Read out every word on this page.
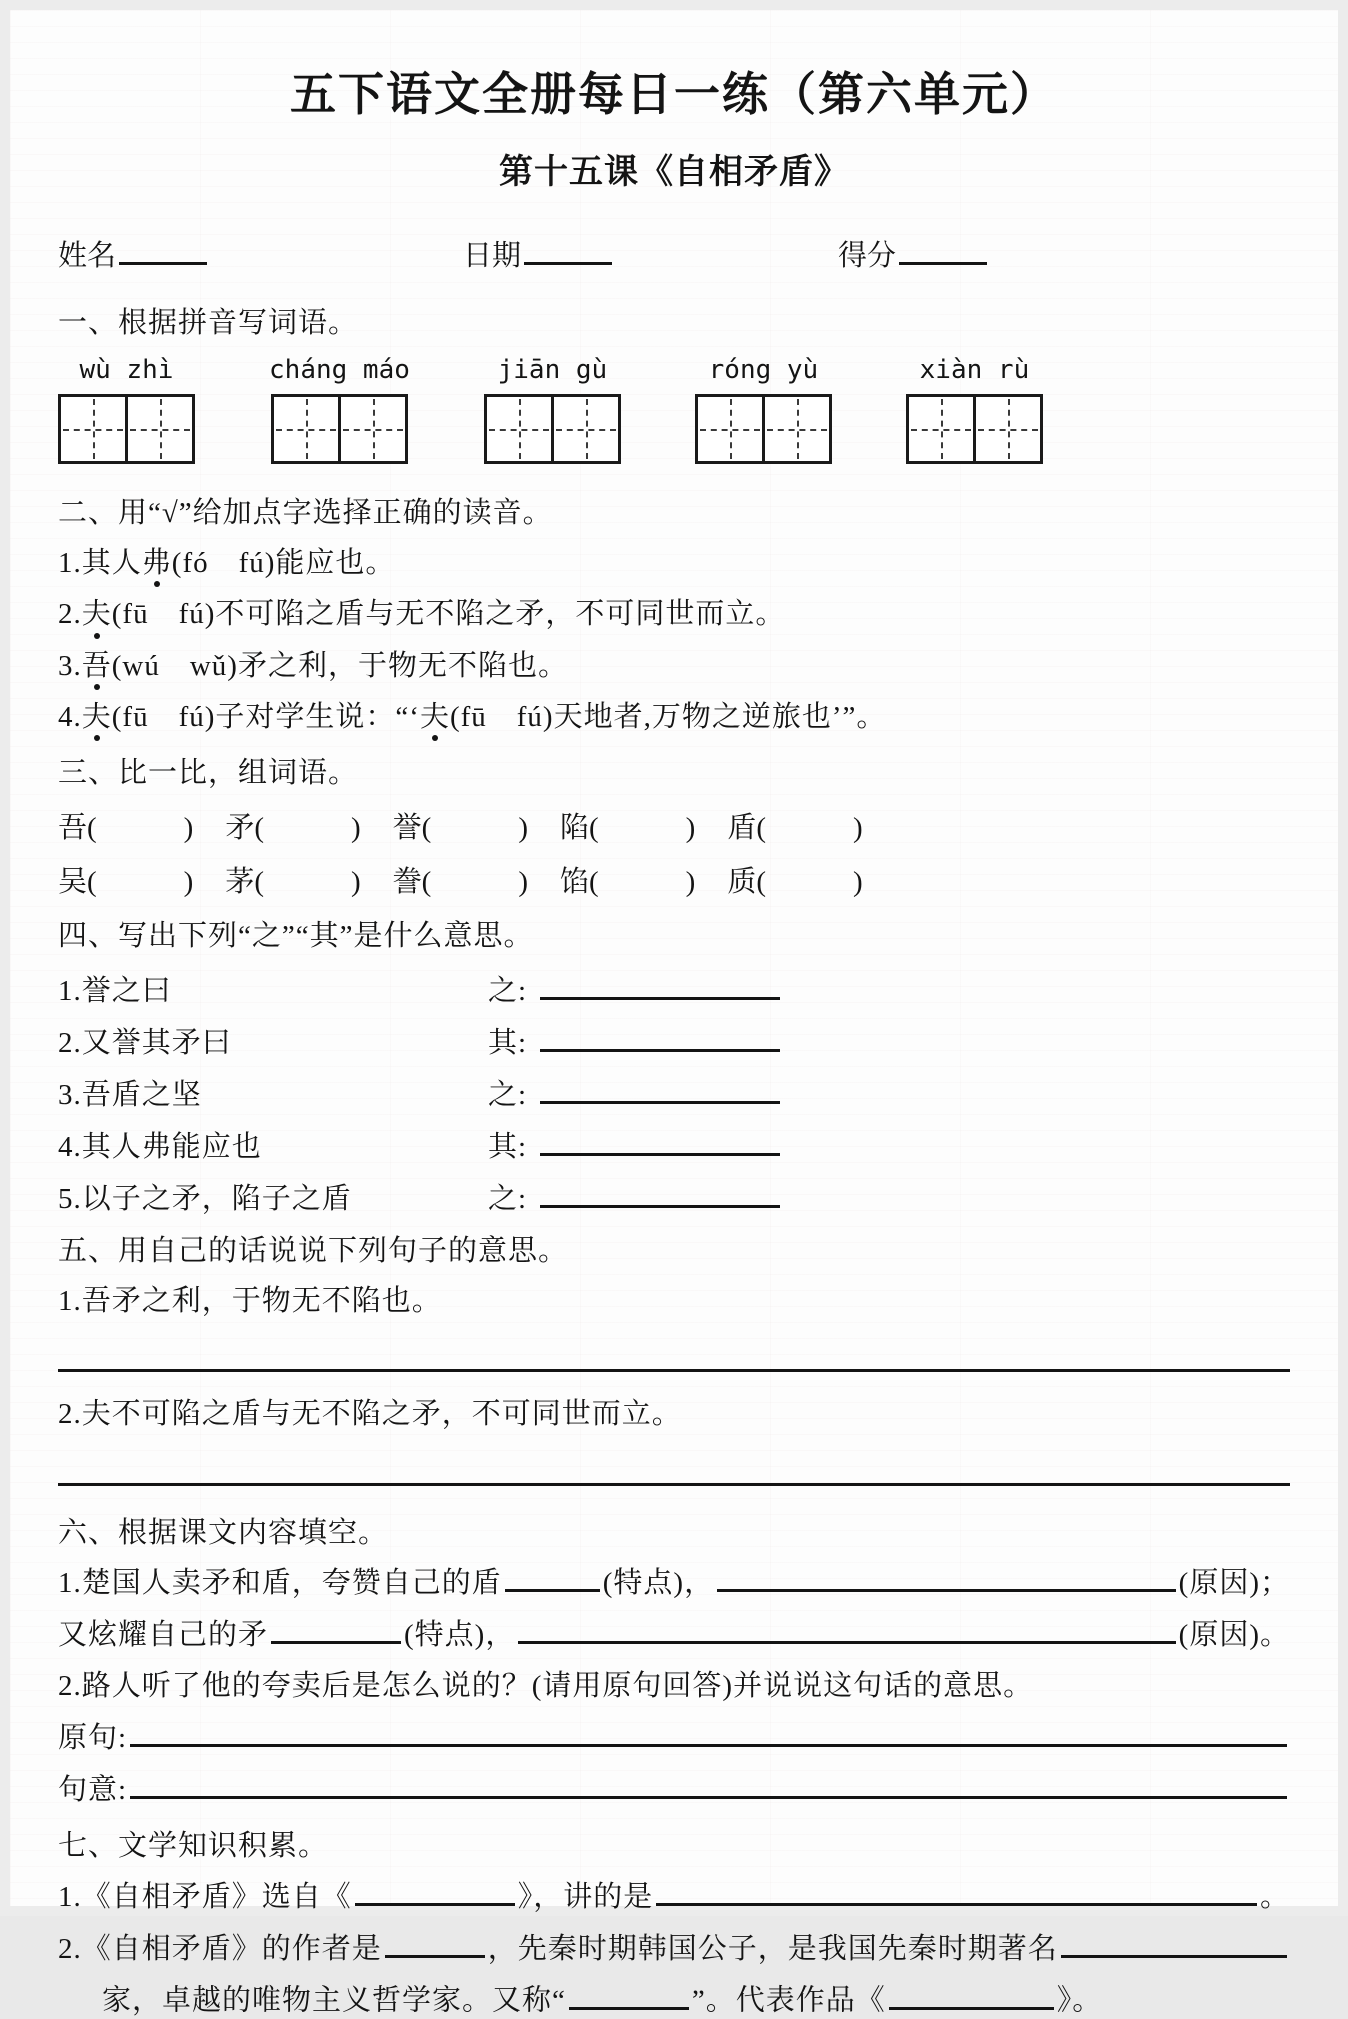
五下语文全册每日一练（第六单元）
第十五课《自相矛盾》
姓名	日期	得分
一、根据拼音写词语。
wù zhì	cháng máo	jiān gù	róng yù	xiàn rù
二、用“√”给加点字选择正确的读音。
1.其人弗(fó　fú)能应也。
2.夫(fū　fú)不可陷之盾与无不陷之矛，不可同世而立。
3.吾(wú　wǔ)矛之利，于物无不陷也。
4.夫(fū　fú)子对学生说：“‘夫(fū　fú)天地者,万物之逆旅也’”。
三、比一比，组词语。
吾(　　　) 矛(　　　) 誉(　　　) 陷(　　　) 盾(　　　)
吴(　　　) 茅(　　　) 誊(　　　) 馅(　　　) 质(　　　)
四、写出下列“之”“其”是什么意思。
1.誉之曰	之:
2.又誉其矛曰	其:
3.吾盾之坚	之:
4.其人弗能应也	其:
5.以子之矛，陷子之盾	之:
五、用自己的话说说下列句子的意思。
1.吾矛之利，于物无不陷也。
2.夫不可陷之盾与无不陷之矛，不可同世而立。
六、根据课文内容填空。
1.楚国人卖矛和盾，夸赞自己的盾	(特点)，	(原因)；
又炫耀自己的矛	(特点)，	(原因)。
2.路人听了他的夸卖后是怎么说的？(请用原句回答)并说说这句话的意思。
原句:
句意:
七、文学知识积累。
1.《自相矛盾》选自《	》，讲的是	。
2.《自相矛盾》的作者是	，先秦时期韩国公子，是我国先秦时期著名
家，卓越的唯物主义哲学家。又称“	”。代表作品《	》。
